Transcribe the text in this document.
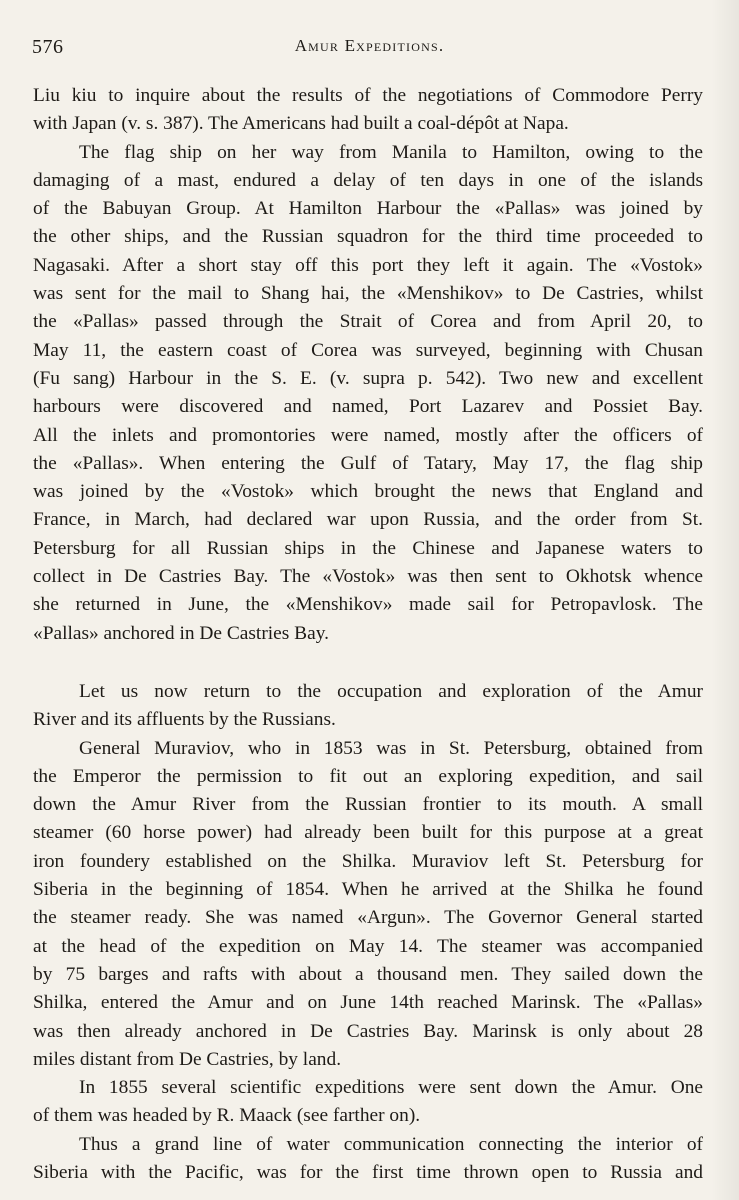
576	Amur Expeditions.

Liu kiu to inquire about the results of the negotiations of Commodore Perry
with Japan (v. s. 387). The Americans had built a coal-dépôt at Napa.

The flag ship on her way from Manila to Hamilton, owing to the
damaging of a mast, endured a delay of ten days in one of the islands
of the Babuyan Group. At Hamilton Harbour the «Pallas» was joined by
the other ships, and the Russian squadron for the third time proceeded to
Nagasaki. After a short stay off this port they left it again. The «Vostok»
was sent for the mail to Shang hai, the «Menshikov» to De Castries, whilst
the «Pallas» passed through the Strait of Corea and from April 20, to
May 11, the eastern coast of Corea was surveyed, beginning with Chusan
(Fu sang) Harbour in the S. E. (v. supra p. 542). Two new and excellent
harbours were discovered and named, Port Lazarev and Possiet Bay.
All the inlets and promontories were named, mostly after the officers of
the «Pallas». When entering the Gulf of Tatary, May 17, the flag ship
was joined by the «Vostok» which brought the news that England and
France, in March, had declared war upon Russia, and the order from St.
Petersburg for all Russian ships in the Chinese and Japanese waters to
collect in De Castries Bay. The «Vostok» was then sent to Okhotsk whence
she returned in June, the «Menshikov» made sail for Petropavlosk. The
«Pallas» anchored in De Castries Bay.

Let us now return to the occupation and exploration of the Amur
River and its affluents by the Russians.

General Muraviov, who in 1853 was in St. Petersburg, obtained from
the Emperor the permission to fit out an exploring expedition, and sail
down the Amur River from the Russian frontier to its mouth. A small
steamer (60 horse power) had already been built for this purpose at a great
iron foundery established on the Shilka. Muraviov left St. Petersburg for
Siberia in the beginning of 1854. When he arrived at the Shilka he found
the steamer ready. She was named «Argun». The Governor General started
at the head of the expedition on May 14. The steamer was accompanied
by 75 barges and rafts with about a thousand men. They sailed down the
Shilka, entered the Amur and on June 14th reached Marinsk. The «Pallas»
was then already anchored in De Castries Bay. Marinsk is only about 28
miles distant from De Castries, by land.

In 1855 several scientific expeditions were sent down the Amur. One
of them was headed by R. Maack (see farther on).

Thus a grand line of water communication connecting the interior of
Siberia with the Pacific, was for the first time thrown open to Russia and
